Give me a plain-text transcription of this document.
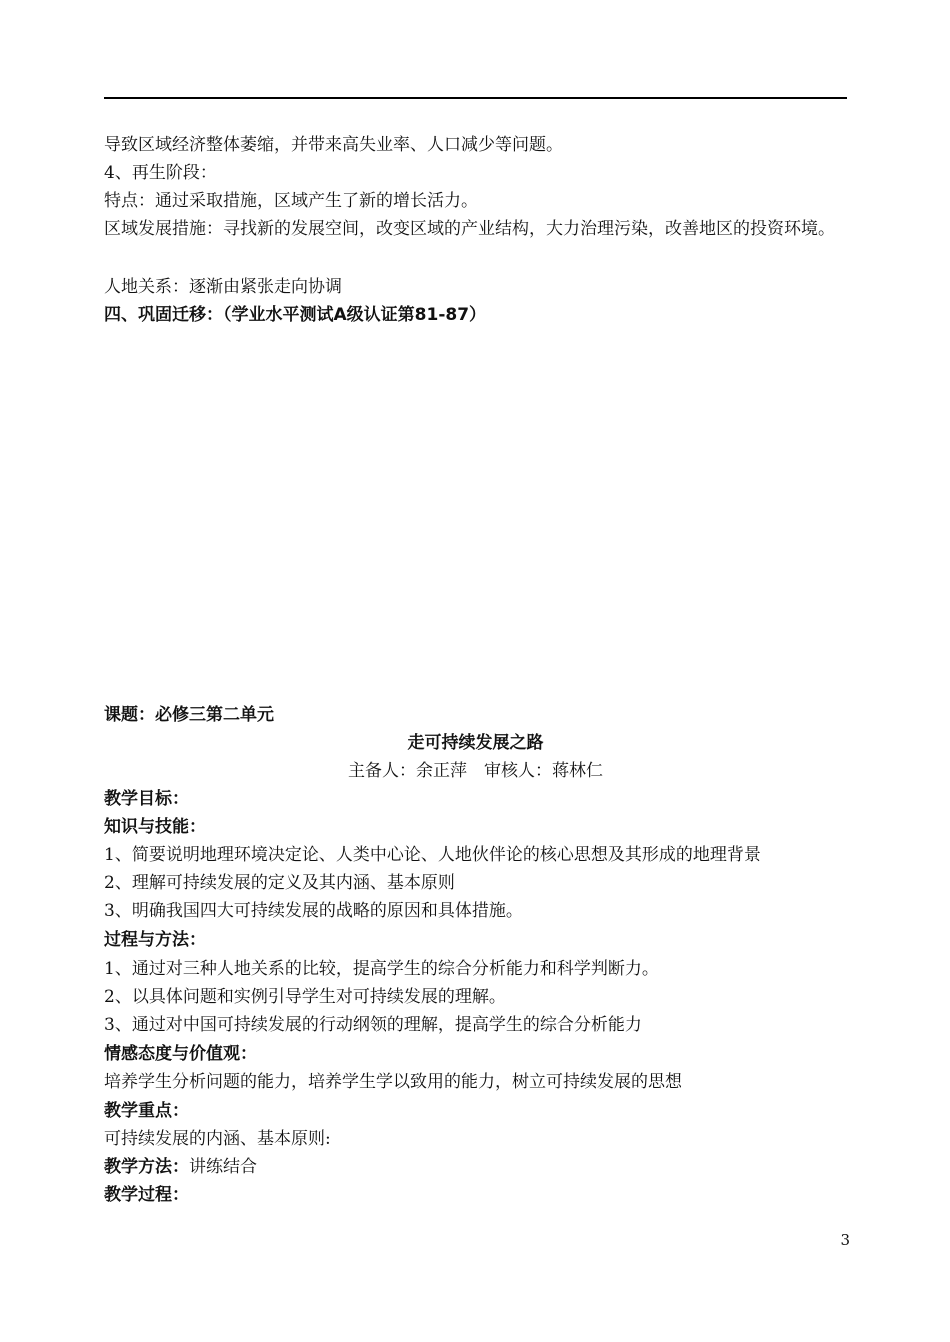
导致区域经济整体萎缩，并带来高失业率、人口减少等问题。
4、再生阶段：
特点：通过采取措施，区域产生了新的增长活力。
区域发展措施：寻找新的发展空间，改变区域的产业结构，大力治理污染，改善地区的投资环境。
人地关系：逐渐由紧张走向协调
四、巩固迁移：（学业水平测试A级认证第81-87）
课题：必修三第二单元
走可持续发展之路
主备人：余正萍　审核人：蒋林仁
教学目标：
知识与技能：
1、简要说明地理环境决定论、人类中心论、人地伙伴论的核心思想及其形成的地理背景
2、理解可持续发展的定义及其内涵、基本原则
3、明确我国四大可持续发展的战略的原因和具体措施。
过程与方法：
1、通过对三种人地关系的比较，提高学生的综合分析能力和科学判断力。
2、以具体问题和实例引导学生对可持续发展的理解。
3、通过对中国可持续发展的行动纲领的理解，提高学生的综合分析能力
情感态度与价值观：
培养学生分析问题的能力，培养学生学以致用的能力，树立可持续发展的思想
教学重点：
可持续发展的内涵、基本原则:
教学方法：讲练结合
教学过程：
3
